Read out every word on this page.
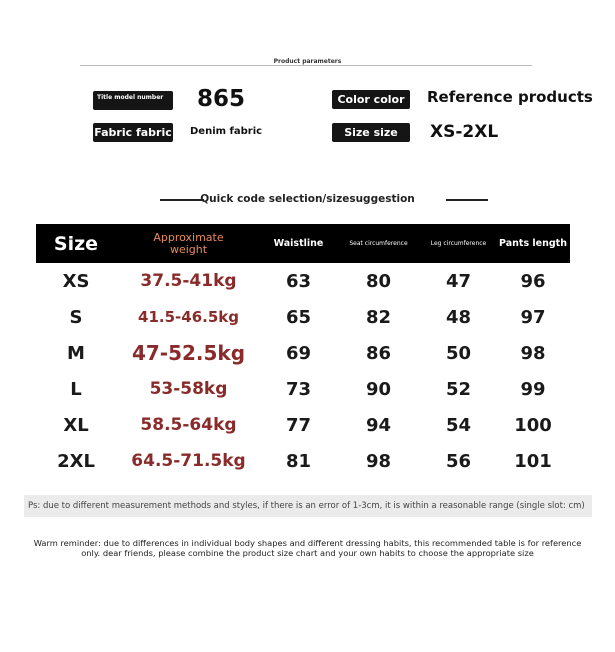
Product parameters
Title model number	865
Fabric fabric Denim fabric
Color color	Reference products
Size size	XS-2XL
Quick code selection/sizesuggestion
Size	Approximate weight	Waistline	Seat circumference	Leg circumference	Pants length
XS	37.5-41kg	63	80	47	96
S	41.5-46.5kg	65	82	48	97
M	47-52.5kg	69	86	50	98
L	53-58kg	73	90	52	99
XL	58.5-64kg	77	94	54	100
2XL	64.5-71.5kg	81	98	56	101
Ps: due to different measurement methods and styles, if there is an error of 1-3cm, it is within a reasonable range (single slot: cm)
Warm reminder: due to differences in individual body shapes and different dressing habits, this recommended table is for reference only. dear friends, please combine the product size chart and your own habits to choose the appropriate size
